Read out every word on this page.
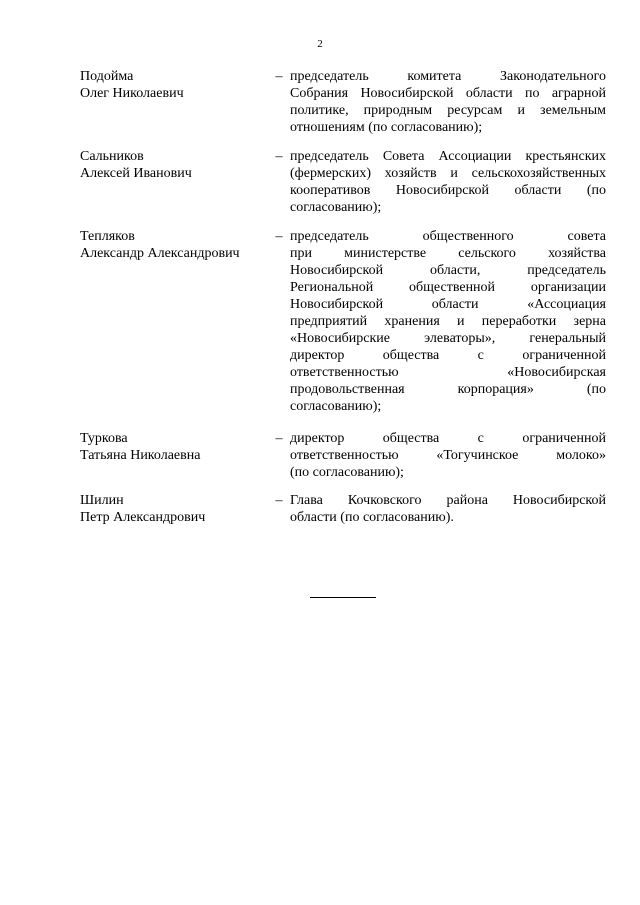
2
Подойма
Олег Николаевич
– председатель комитета Законодательного
Собрания Новосибирской области по аграрной
политике, природным ресурсам и земельным
отношениям (по согласованию);
Сальников
Алексей Иванович
– председатель Совета Ассоциации крестьянских
(фермерских) хозяйств и сельскохозяйственных
кооперативов Новосибирской области (по
согласованию);
Тепляков
Александр Александрович
– председатель общественного совета
при министерстве сельского хозяйства
Новосибирской области, председатель
Региональной общественной организации
Новосибирской области «Ассоциация
предприятий хранения и переработки зерна
«Новосибирские элеваторы», генеральный
директор общества с ограниченной
ответственностью «Новосибирская
продовольственная корпорация» (по
согласованию);
Туркова
Татьяна Николаевна
– директор общества с ограниченной
ответственностью «Тогучинское молоко»
(по согласованию);
Шилин
Петр Александрович
– Глава Кочковского района Новосибирской
области (по согласованию).
